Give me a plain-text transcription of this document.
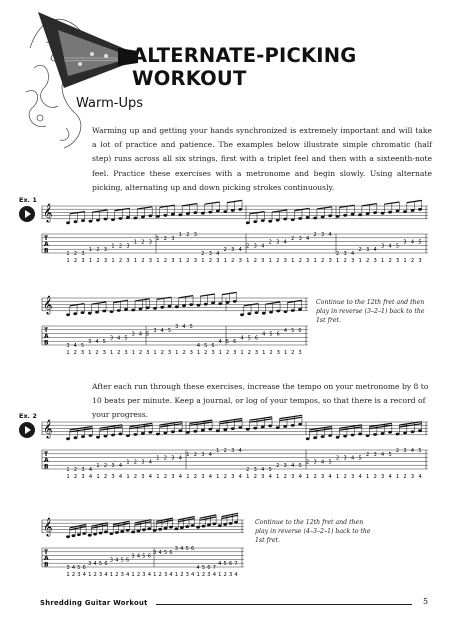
ALTERNATE-PICKING
WORKOUT
Warm-Ups
Warming up and getting your hands synchronized is extremely important and will take a lot of practice and patience. The examples below illustrate simple chromatic (half step) runs across all six strings, first with a triplet feel and then with a sixteenth-note feel. Practice these exercises with a metronome and begin slowly. Using alternate picking, alternating up and down picking strokes continuously.
Ex. 1
𝄞
T
A
B	1
1
2
2
3
3
1
1
2
2
3
3
1
1
2
2
3
3
1
1
2
2
3
3
1
1
2
2
3
3
1
1
2
2
3
3
2
1
3
2
4
3
2
1
3
2
4
3
2
1
3
2
4
3
2
1
3
2
4
3
2
1
3
2
4
3
2
1
3
2
4
3
2
1
3
2
4
3
2
1
3
2
4
3
3
1
4
2
5
3
3
1
4
2
5
3
𝄞
T
A
B	3
1
4
2
5
3
3
1
4
2
5
3
3
1
4
2
5
3
3
1
4
2
5
3
3
1
4
2
5
3
3
1
4
2
5
3
4
1
5
2
6
3
4
1
5
2
6
3
4
1
5
2
6
3
4
1
5
2
6
3
4
1
5
2
6
3
Continue to the 12th fret and then play in reverse (3–2–1) back to the 1st fret.
After each run through these exercises, increase the tempo on your metronome by 8 to 10 beats per minute. Keep a journal, or log of your tempos, so that there is a record of your progress.
Ex. 2
𝄞
T
A
B	1
1
2
2
3
3
4
4
1
1
2
2
3
3
4
4
1
1
2
2
3
3
4
4
1
1
2
2
3
3
4
4
1
1
2
2
3
3
4
4
1
1
2
2
3
3
4
4
2
1
3
2
4
3
5
4
2
1
3
2
4
3
5
4
2
1
3
2
4
3
5
4
2
1
3
2
4
3
5
4
2
1
3
2
4
3
5
4
2
1
3
2
4
3
5
4
𝄞
T
A
B	3
1
4
2
5
3
6
4
3
1
4
2
5
3
6
4
3
1
4
2
5
3
6
4
3
1
4
2
5
3
6
4
3
1
4
2
5
3
6
4
3
1
4
2
5
3
6
4
4
1
5
2
6
3
7
4
4
1
5
2
6
3
7
4
Continue to the 12th fret and then play in reverse (4–3–2–1) back to the 1st fret.
Shredding Guitar Workout	5
